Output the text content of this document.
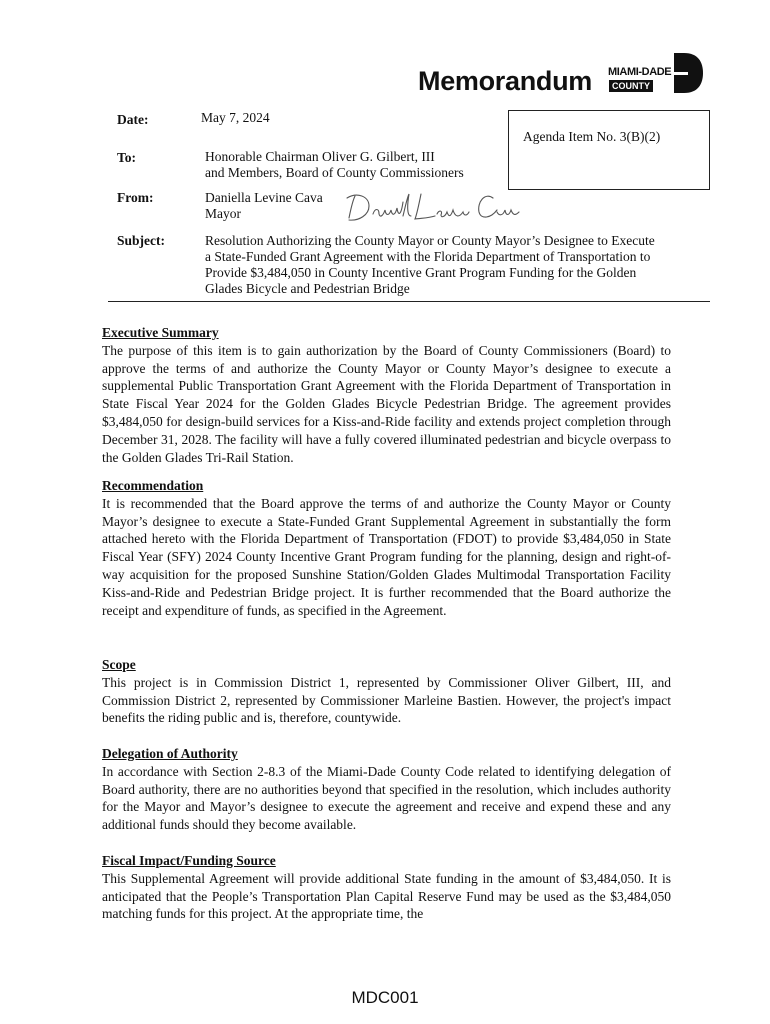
Memorandum MIAMI-DADE
COUNTY
Date:	May 7, 2024
Agenda Item No. 3(B)(2)
To:	Honorable Chairman Oliver G. Gilbert, III
and Members, Board of County Commissioners
From:	Daniella Levine Cava
Mayor
Subject:	Resolution Authorizing the County Mayor or County Mayor’s Designee to Execute
a State-Funded Grant Agreement with the Florida Department of Transportation to
Provide $3,484,050 in County Incentive Grant Program Funding for the Golden
Glades Bicycle and Pedestrian Bridge
Executive Summary

The purpose of this item is to gain authorization by the Board of County Commissioners (Board) to approve the terms of and authorize the County Mayor or County Mayor’s designee to execute a supplemental Public Transportation Grant Agreement with the Florida Department of Transportation in State Fiscal Year 2024 for the Golden Glades Bicycle Pedestrian Bridge. The agreement provides $3,484,050 for design-build services for a Kiss-and-Ride facility and extends project completion through December 31, 2028. The facility will have a fully covered illuminated pedestrian and bicycle overpass to the Golden Glades Tri-Rail Station.

Recommendation

It is recommended that the Board approve the terms of and authorize the County Mayor or County Mayor’s designee to execute a State-Funded Grant Supplemental Agreement in substantially the form attached hereto with the Florida Department of Transportation (FDOT) to provide $3,484,050 in State Fiscal Year (SFY) 2024 County Incentive Grant Program funding for the planning, design and right-of-way acquisition for the proposed Sunshine Station/Golden Glades Multimodal Transportation Facility Kiss-and-Ride and Pedestrian Bridge project. It is further recommended that the Board authorize the receipt and expenditure of funds, as specified in the Agreement.

Scope

This project is in Commission District 1, represented by Commissioner Oliver Gilbert, III, and Commission District 2, represented by Commissioner Marleine Bastien. However, the project's impact benefits the riding public and is, therefore, countywide.

Delegation of Authority

In accordance with Section 2-8.3 of the Miami-Dade County Code related to identifying delegation of Board authority, there are no authorities beyond that specified in the resolution, which includes authority for the Mayor and Mayor’s designee to execute the agreement and receive and expend these and any additional funds should they become available.

Fiscal Impact/Funding Source

This Supplemental Agreement will provide additional State funding in the amount of $3,484,050. It is anticipated that the People’s Transportation Plan Capital Reserve Fund may be used as the $3,484,050 matching funds for this project. At the appropriate time, the

MDC001
